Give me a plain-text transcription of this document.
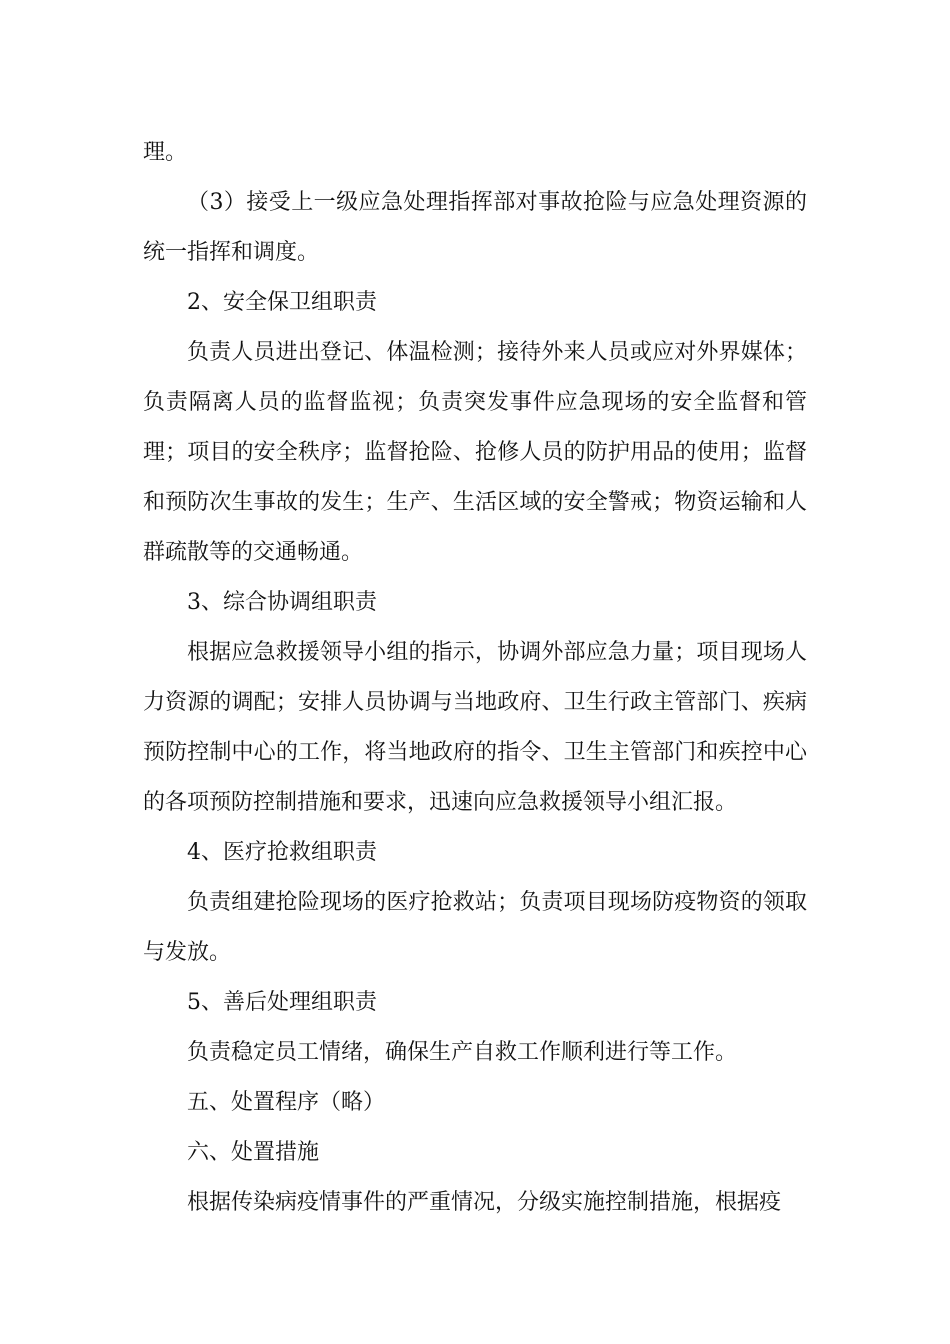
理。

（3）接受上一级应急处理指挥部对事故抢险与应急处理资源的统一指挥和调度。

2、安全保卫组职责

负责人员进出登记、体温检测；接待外来人员或应对外界媒体；负责隔离人员的监督监视；负责突发事件应急现场的安全监督和管理；项目的安全秩序；监督抢险、抢修人员的防护用品的使用；监督和预防次生事故的发生；生产、生活区域的安全警戒；物资运输和人群疏散等的交通畅通。

3、综合协调组职责

根据应急救援领导小组的指示，协调外部应急力量；项目现场人力资源的调配；安排人员协调与当地政府、卫生行政主管部门、疾病预防控制中心的工作，将当地政府的指令、卫生主管部门和疾控中心的各项预防控制措施和要求，迅速向应急救援领导小组汇报。

4、医疗抢救组职责

负责组建抢险现场的医疗抢救站；负责项目现场防疫物资的领取与发放。

5、善后处理组职责

负责稳定员工情绪，确保生产自救工作顺利进行等工作。

五、处置程序（略）

六、处置措施

根据传染病疫情事件的严重情况，分级实施控制措施，根据疫
